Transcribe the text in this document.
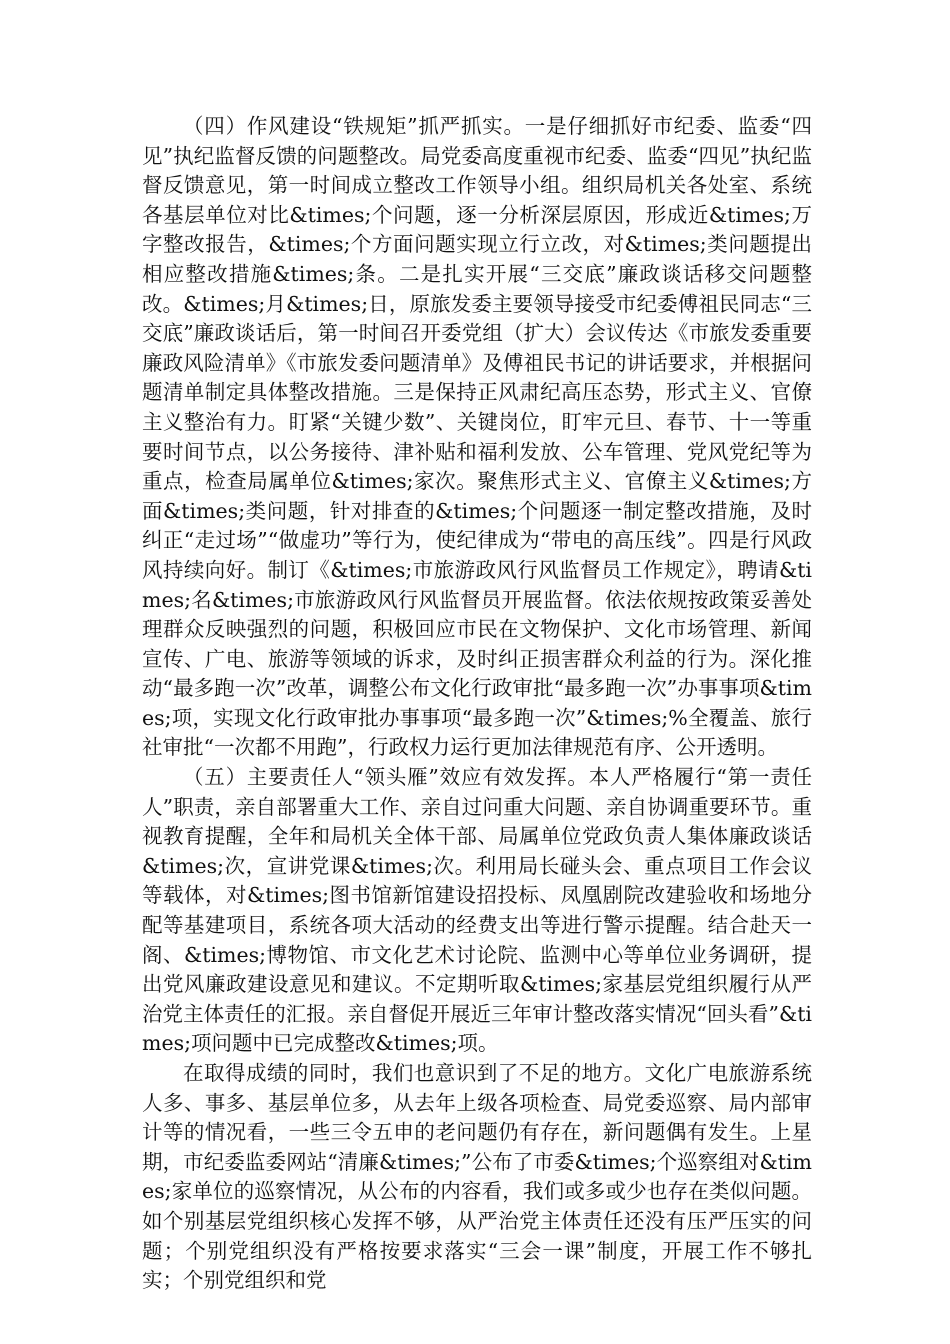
（四）作风建设“铁规矩”抓严抓实。一是仔细抓好市纪委、监委“四见”执纪监督反馈的问题整改。局党委高度重视市纪委、监委“四见”执纪监督反馈意见，第一时间成立整改工作领导小组。组织局机关各处室、系统各基层单位对比&times;个问题，逐一分析深层原因，形成近&times;万字整改报告，&times;个方面问题实现立行立改，对&times;类问题提出相应整改措施&times;条。二是扎实开展“三交底”廉政谈话移交问题整改。&times;月&times;日，原旅发委主要领导接受市纪委傅祖民同志“三交底”廉政谈话后，第一时间召开委党组（扩大）会议传达《市旅发委重要廉政风险清单》《市旅发委问题清单》及傅祖民书记的讲话要求，并根据问题清单制定具体整改措施。三是保持正风肃纪高压态势，形式主义、官僚主义整治有力。盯紧“关键少数”、关键岗位，盯牢元旦、春节、十一等重要时间节点，以公务接待、津补贴和福利发放、公车管理、党风党纪等为重点，检查局属单位&times;家次。聚焦形式主义、官僚主义&times;方面&times;类问题，针对排查的&times;个问题逐一制定整改措施，及时纠正“走过场”“做虚功”等行为，使纪律成为“带电的高压线”。四是行风政风持续向好。制订《&times;市旅游政风行风监督员工作规定》，聘请&times;名&times;市旅游政风行风监督员开展监督。依法依规按政策妥善处理群众反映强烈的问题，积极回应市民在文物保护、文化市场管理、新闻宣传、广电、旅游等领域的诉求，及时纠正损害群众利益的行为。深化推动“最多跑一次”改革，调整公布文化行政审批“最多跑一次”办事事项&times;项，实现文化行政审批办事事项“最多跑一次”&times;%全覆盖、旅行社审批“一次都不用跑”，行政权力运行更加法律规范有序、公开透明。

（五）主要责任人“领头雁”效应有效发挥。本人严格履行“第一责任人”职责，亲自部署重大工作、亲自过问重大问题、亲自协调重要环节。重视教育提醒，全年和局机关全体干部、局属单位党政负责人集体廉政谈话&times;次，宣讲党课&times;次。利用局长碰头会、重点项目工作会议等载体，对&times;图书馆新馆建设招投标、凤凰剧院改建验收和场地分配等基建项目，系统各项大活动的经费支出等进行警示提醒。结合赴天一阁、&times;博物馆、市文化艺术讨论院、监测中心等单位业务调研，提出党风廉政建设意见和建议。不定期听取&times;家基层党组织履行从严治党主体责任的汇报。亲自督促开展近三年审计整改落实情况“回头看”&times;项问题中已完成整改&times;项。

在取得成绩的同时，我们也意识到了不足的地方。文化广电旅游系统人多、事多、基层单位多，从去年上级各项检查、局党委巡察、局内部审计等的情况看，一些三令五申的老问题仍有存在，新问题偶有发生。上星期，市纪委监委网站“清廉&times;”公布了市委&times;个巡察组对&times;家单位的巡察情况，从公布的内容看，我们或多或少也存在类似问题。如个别基层党组织核心发挥不够，从严治党主体责任还没有压严压实的问题；个别党组织没有严格按要求落实“三会一课”制度，开展工作不够扎实；个别党组织和党
